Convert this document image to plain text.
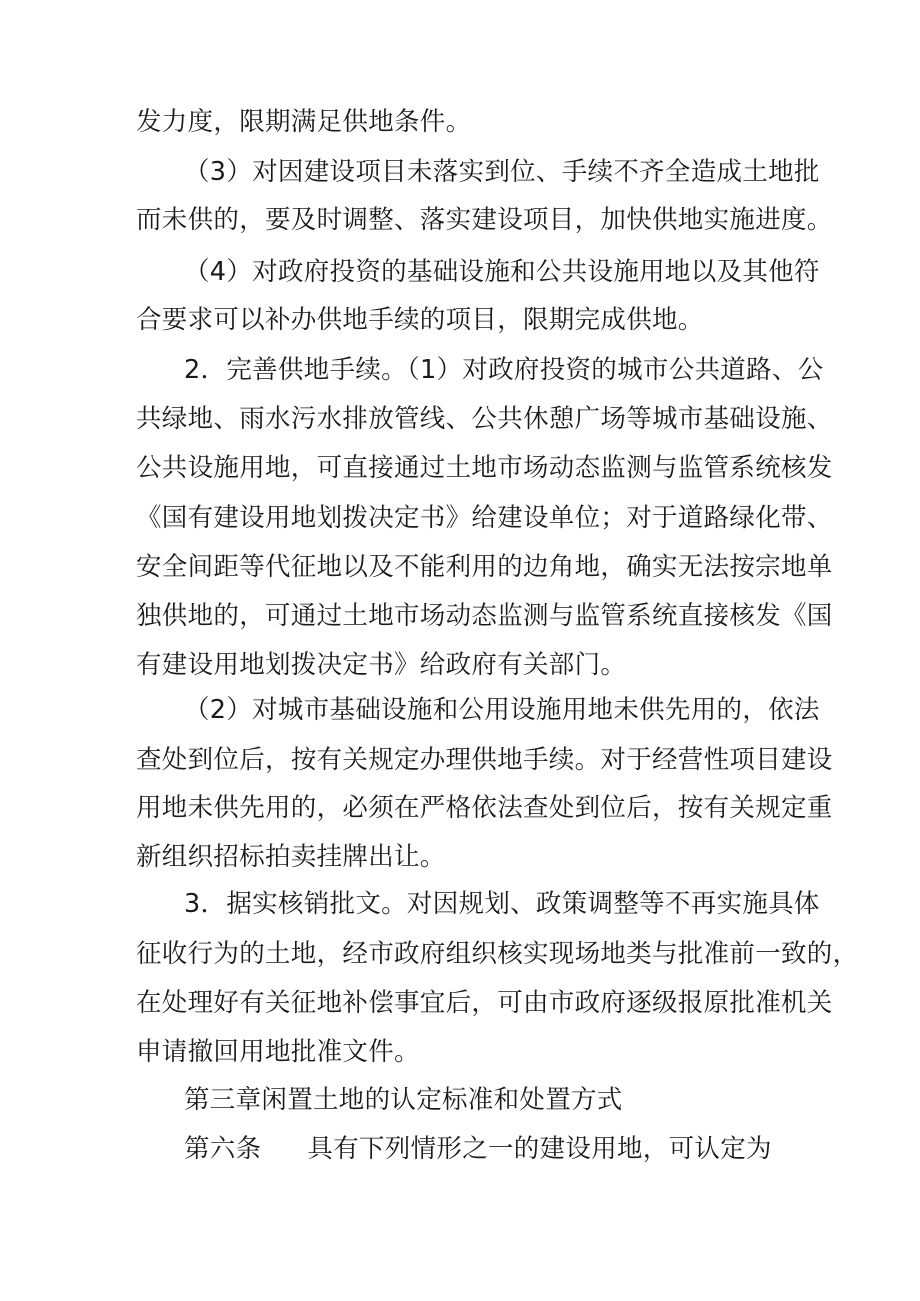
发力度，限期满足供地条件。

（3）对因建设项目未落实到位、手续不齐全造成土地批

而未供的，要及时调整、落实建设项目，加快供地实施进度。

（4）对政府投资的基础设施和公共设施用地以及其他符

合要求可以补办供地手续的项目，限期完成供地。

2．完善供地手续。（1）对政府投资的城市公共道路、公

共绿地、雨水污水排放管线、公共休憩广场等城市基础设施、

公共设施用地，可直接通过土地市场动态监测与监管系统核发

《国有建设用地划拨决定书》给建设单位；对于道路绿化带、

安全间距等代征地以及不能利用的边角地，确实无法按宗地单

独供地的，可通过土地市场动态监测与监管系统直接核发《国

有建设用地划拨决定书》给政府有关部门。

（2）对城市基础设施和公用设施用地未供先用的，依法

查处到位后，按有关规定办理供地手续。对于经营性项目建设

用地未供先用的，必须在严格依法查处到位后，按有关规定重

新组织招标拍卖挂牌出让。

3．据实核销批文。对因规划、政策调整等不再实施具体

征收行为的土地，经市政府组织核实现场地类与批准前一致的，

在处理好有关征地补偿事宜后，可由市政府逐级报原批准机关

申请撤回用地批准文件。

第三章闲置土地的认定标准和处置方式

第六条 具有下列情形之一的建设用地，可认定为
